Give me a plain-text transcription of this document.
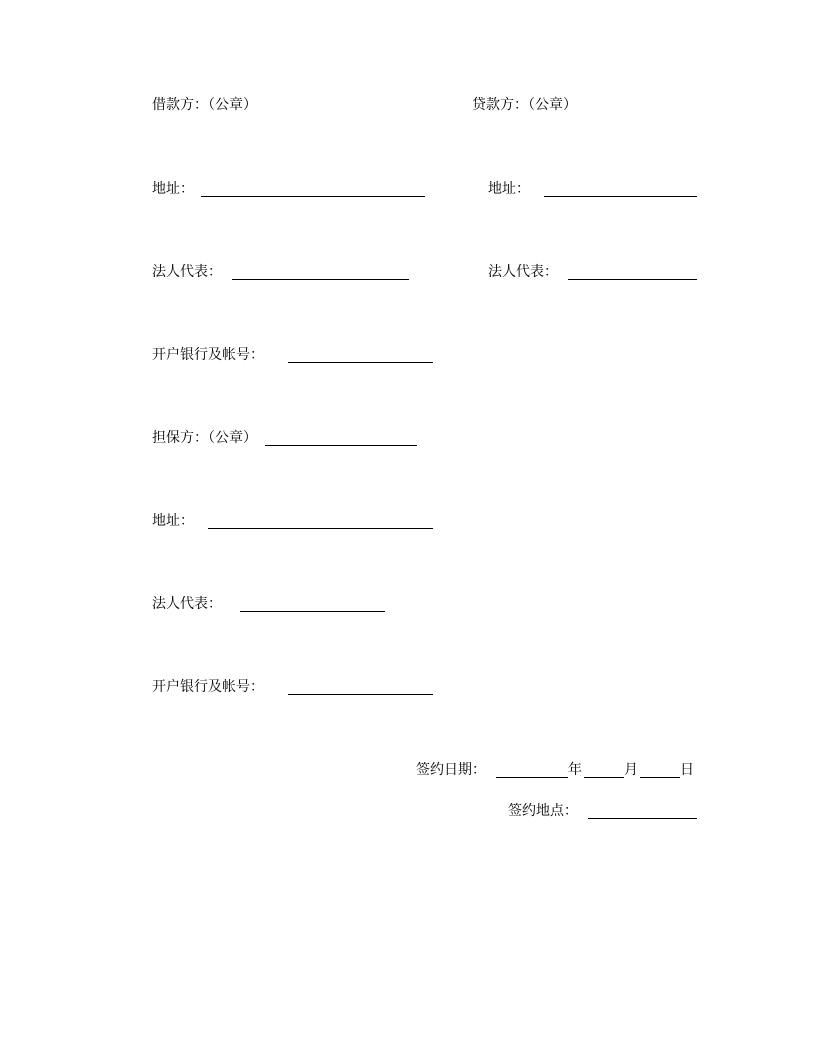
借款方：（公章）	贷款方：（公章）
地址：	地址：
法人代表：	法人代表：
开户银行及帐号：
担保方：（公章）
地址：
法人代表：
开户银行及帐号：
签约日期：	年	月	日
签约地点：
